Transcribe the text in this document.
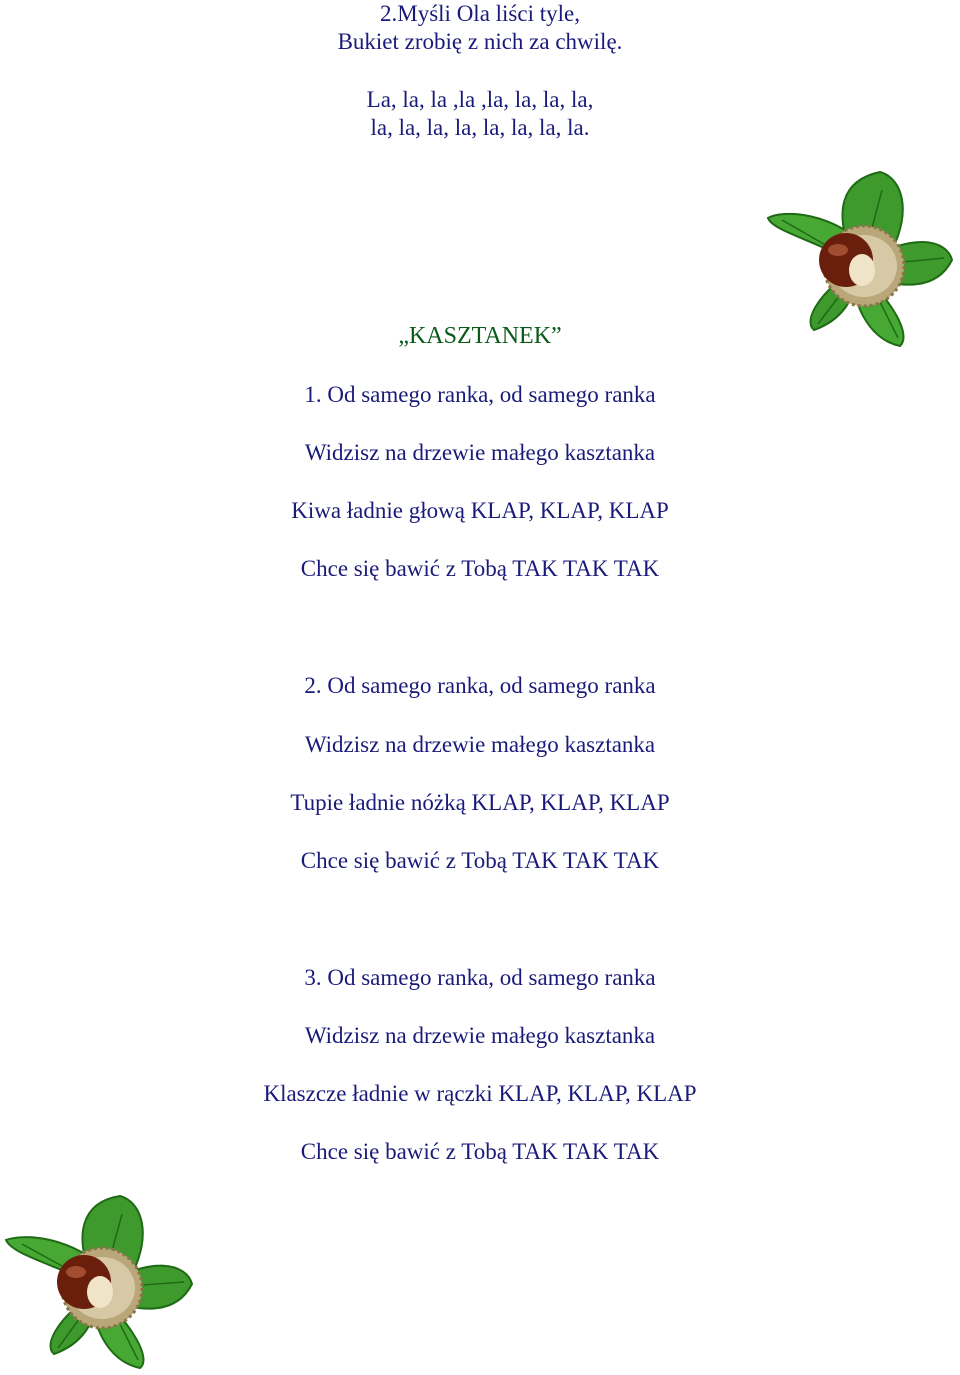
2.Myśli Ola liści tyle,
Bukiet zrobię z nich za chwilę.
La, la, la ,la ,la, la, la, la,
la, la, la, la, la, la, la, la.
„KASZTANEK”
1. Od samego ranka, od samego ranka
Widzisz na drzewie małego kasztanka
Kiwa ładnie głową KLAP, KLAP, KLAP
Chce się bawić z Tobą TAK TAK TAK
2. Od samego ranka, od samego ranka
Widzisz na drzewie małego kasztanka
Tupie ładnie nóżką KLAP, KLAP, KLAP
Chce się bawić z Tobą TAK TAK TAK
3. Od samego ranka, od samego ranka
Widzisz na drzewie małego kasztanka
Klaszcze ładnie w rączki KLAP, KLAP, KLAP
Chce się bawić z Tobą TAK TAK TAK
